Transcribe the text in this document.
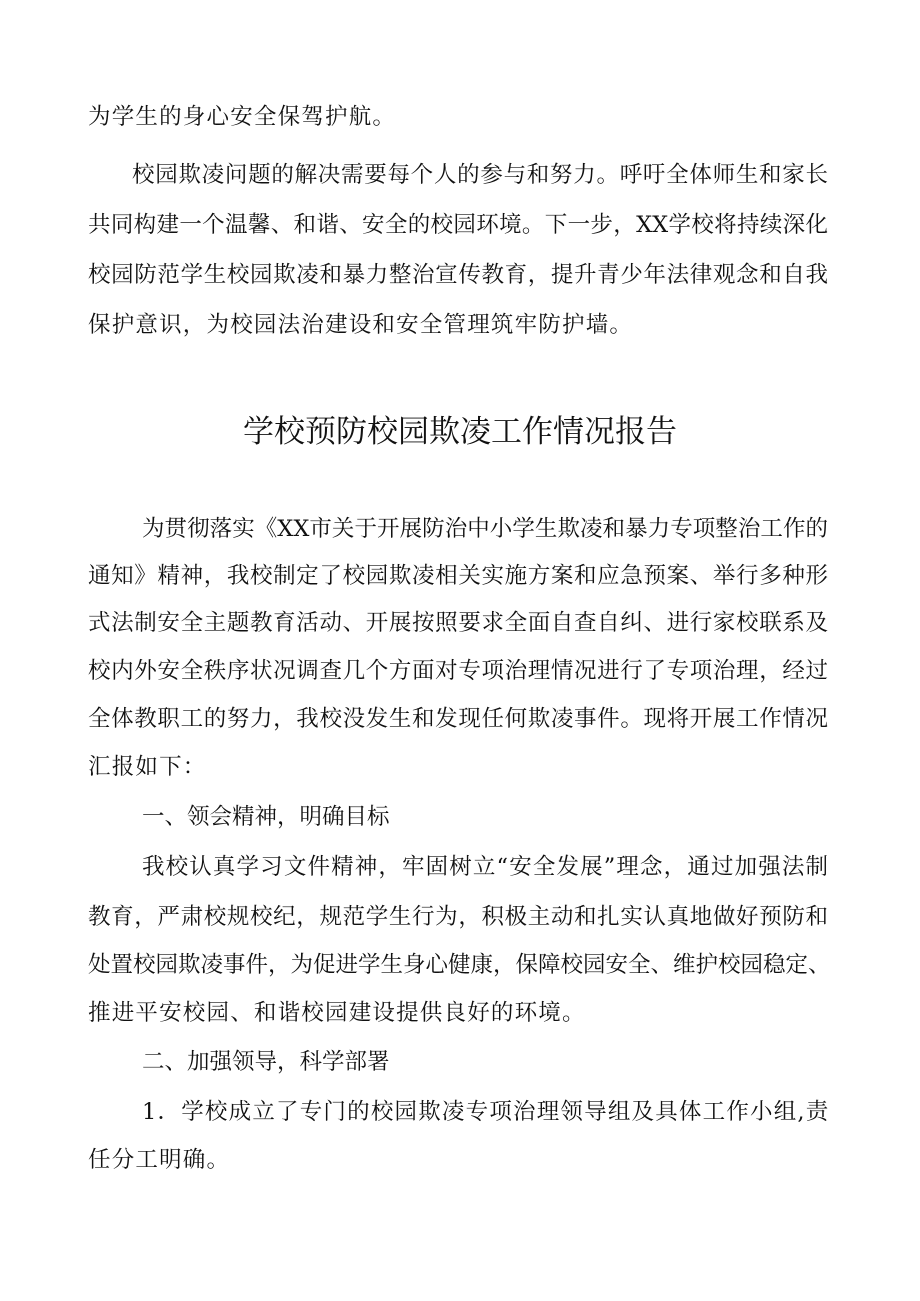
为学生的身心安全保驾护航。
校园欺凌问题的解决需要每个人的参与和努力。呼吁全体师生和家长
共同构建一个温馨、和谐、安全的校园环境。下一步，XX学校将持续深化
校园防范学生校园欺凌和暴力整治宣传教育，提升青少年法律观念和自我
保护意识，为校园法治建设和安全管理筑牢防护墙。
学校预防校园欺凌工作情况报告
为贯彻落实《XX市关于开展防治中小学生欺凌和暴力专项整治工作的
通知》精神，我校制定了校园欺凌相关实施方案和应急预案、举行多种形
式法制安全主题教育活动、开展按照要求全面自查自纠、进行家校联系及
校内外安全秩序状况调查几个方面对专项治理情况进行了专项治理，经过
全体教职工的努力，我校没发生和发现任何欺凌事件。现将开展工作情况
汇报如下：
一、领会精神，明确目标
我校认真学习文件精神，牢固树立“安全发展”理念，通过加强法制
教育，严肃校规校纪，规范学生行为，积极主动和扎实认真地做好预防和
处置校园欺凌事件，为促进学生身心健康，保障校园安全、维护校园稳定、
推进平安校园、和谐校园建设提供良好的环境。
二、加强领导，科学部署
1．学校成立了专门的校园欺凌专项治理领导组及具体工作小组,责
任分工明确。
